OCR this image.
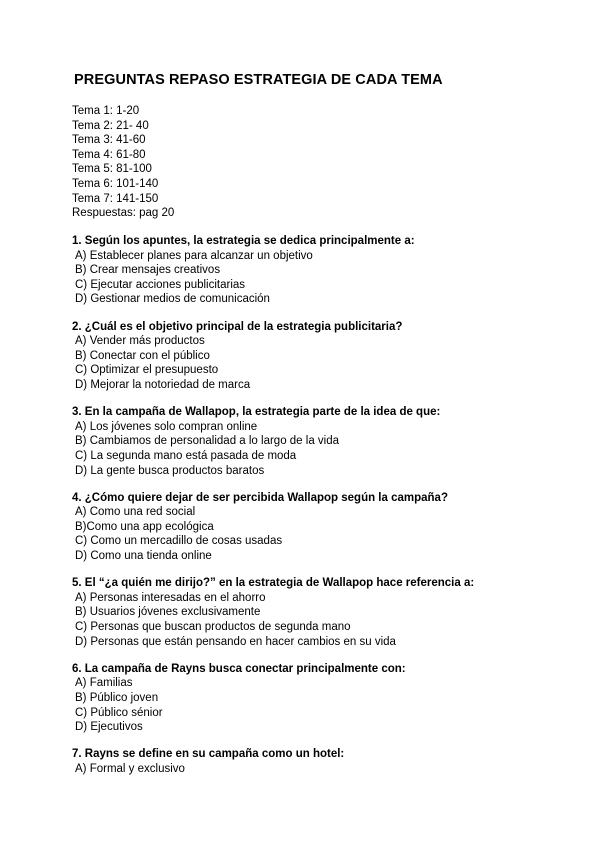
PREGUNTAS REPASO ESTRATEGIA DE CADA TEMA
Tema 1: 1-20
Tema 2: 21- 40
Tema 3: 41-60
Tema 4: 61-80
Tema 5: 81-100
Tema 6: 101-140
Tema 7: 141-150
Respuestas: pag 20
1. Según los apuntes, la estrategia se dedica principalmente a:
A) Establecer planes para alcanzar un objetivo
B) Crear mensajes creativos
C) Ejecutar acciones publicitarias
D) Gestionar medios de comunicación
2. ¿Cuál es el objetivo principal de la estrategia publicitaria?
A) Vender más productos
B) Conectar con el público
C) Optimizar el presupuesto
D) Mejorar la notoriedad de marca
3. En la campaña de Wallapop, la estrategia parte de la idea de que:
A) Los jóvenes solo compran online
B) Cambiamos de personalidad a lo largo de la vida
C) La segunda mano está pasada de moda
D) La gente busca productos baratos
4. ¿Cómo quiere dejar de ser percibida Wallapop según la campaña?
A) Como una red social
B)Como una app ecológica
C) Como un mercadillo de cosas usadas
D) Como una tienda online
5. El “¿a quién me dirijo?” en la estrategia de Wallapop hace referencia a:
A) Personas interesadas en el ahorro
B) Usuarios jóvenes exclusivamente
C) Personas que buscan productos de segunda mano
D) Personas que están pensando en hacer cambios en su vida
6. La campaña de Rayns busca conectar principalmente con:
A) Familias
B) Público joven
C) Público sénior
D) Ejecutivos
7. Rayns se define en su campaña como un hotel:
A) Formal y exclusivo
